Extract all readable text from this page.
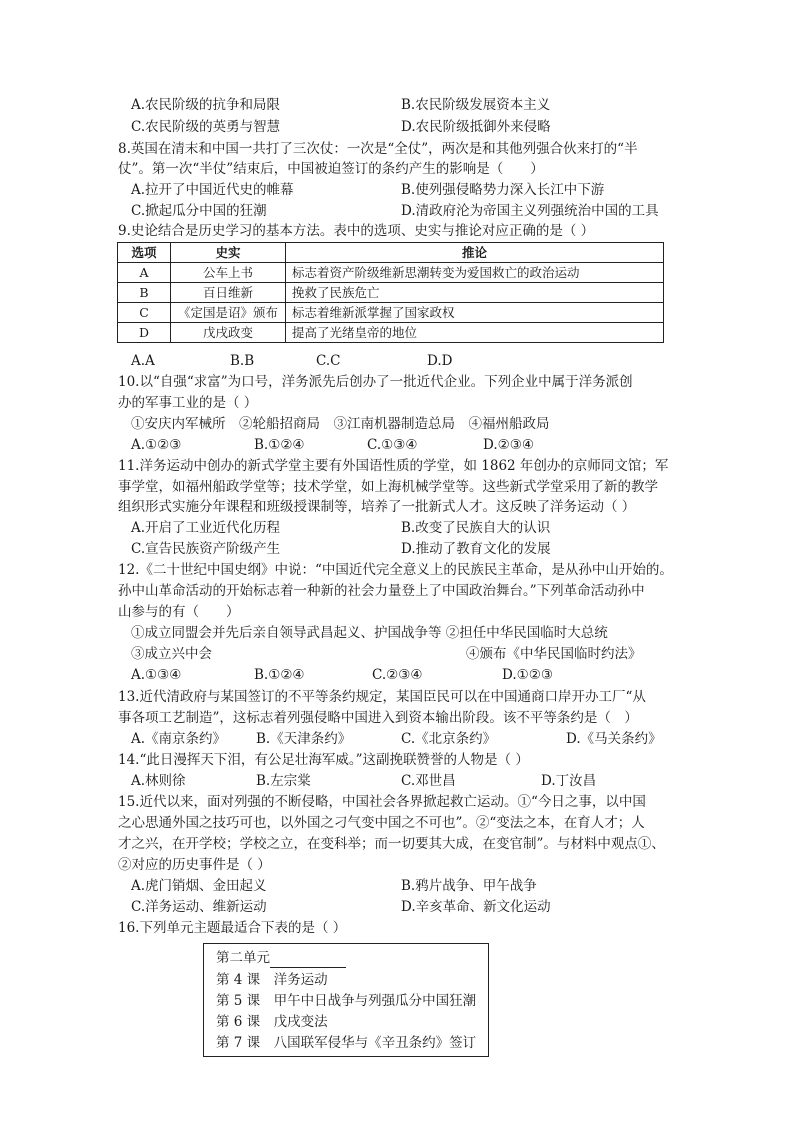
A.农民阶级的抗争和局限	B.农民阶级发展资本主义
C.农民阶级的英勇与智慧	D.农民阶级抵御外来侵略
8.英国在清末和中国一共打了三次仗：一次是“全仗”，两次是和其他列强合伙来打的“半
仗”。第一次“半仗”结束后，中国被迫签订的条约产生的影响是（　　）
A.拉开了中国近代史的帷幕	B.使列强侵略势力深入长江中下游
C.掀起瓜分中国的狂潮	D.清政府沦为帝国主义列强统治中国的工具
9.史论结合是历史学习的基本方法。表中的选项、史实与推论对应正确的是（ ）
选项	史实	推论
A	公车上书	标志着资产阶级维新思潮转变为爱国救亡的政治运动
B	百日维新	挽救了民族危亡
C	《定国是诏》颁布	标志着维新派掌握了国家政权
D	戊戌政变	提高了光绪皇帝的地位
A.A	B.B	C.C	D.D
10.以“自强“求富”为口号，洋务派先后创办了一批近代企业。下列企业中属于洋务派创
办的军事工业的是（ ）
①安庆内军械所　②轮船招商局　③江南机器制造总局　④福州船政局
A.①②③	B.①②④	C.①③④	D.②③④
11.洋务运动中创办的新式学堂主要有外国语性质的学堂，如 1862 年创办的京师同文馆；军
事学堂，如福州船政学堂等；技术学堂，如上海机械学堂等。这些新式学堂采用了新的教学
组织形式实施分年课程和班级授课制等，培养了一批新式人才。这反映了洋务运动（ ）
A.开启了工业近代化历程	B.改变了民族自大的认识
C.宣告民族资产阶级产生	D.推动了教育文化的发展
12.《二十世纪中国史纲》中说：“中国近代完全意义上的民族民主革命，是从孙中山开始的。
孙中山革命活动的开始标志着一种新的社会力量登上了中国政治舞台。”下列革命活动孙中
山参与的有（　　）
①成立同盟会并先后亲自领导武昌起义、护国战争等 ②担任中华民国临时大总统
③成立兴中会	④颁布《中华民国临时约法》
A.①③④	B.①②④	C.②③④	D.①②③
13.近代清政府与某国签订的不平等条约规定，某国臣民可以在中国通商口岸开办工厂“从
事各项工艺制造”，这标志着列强侵略中国进入到资本输出阶段。该不平等条约是（　）
A.《南京条约》 B.《天津条约》	C.《北京条约》	D.《马关条约》
14.“此日漫挥天下泪，有公足壮海军威。”这副挽联赞誉的人物是（ ）
A.林则徐	B.左宗棠	C.邓世昌	D.丁汝昌
15.近代以来，面对列强的不断侵略，中国社会各界掀起救亡运动。①“今日之事，以中国
之心思通外国之技巧可也，以外国之刁气变中国之不可也”。②“变法之本，在育人才；人
才之兴，在开学校；学校之立，在变科举；而一切要其大成，在变官制”。与材料中观点①、
②对应的历史事件是（ ）
A.虎门销烟、金田起义	B.鸦片战争、甲午战争
C.洋务运动、维新运动	D.辛亥革命、新文化运动
16.下列单元主题最适合下表的是（ ）
第二单元
第 4 课　洋务运动
第 5 课　甲午中日战争与列强瓜分中国狂潮
第 6 课　戊戌变法
第 7 课　八国联军侵华与《辛丑条约》签订
